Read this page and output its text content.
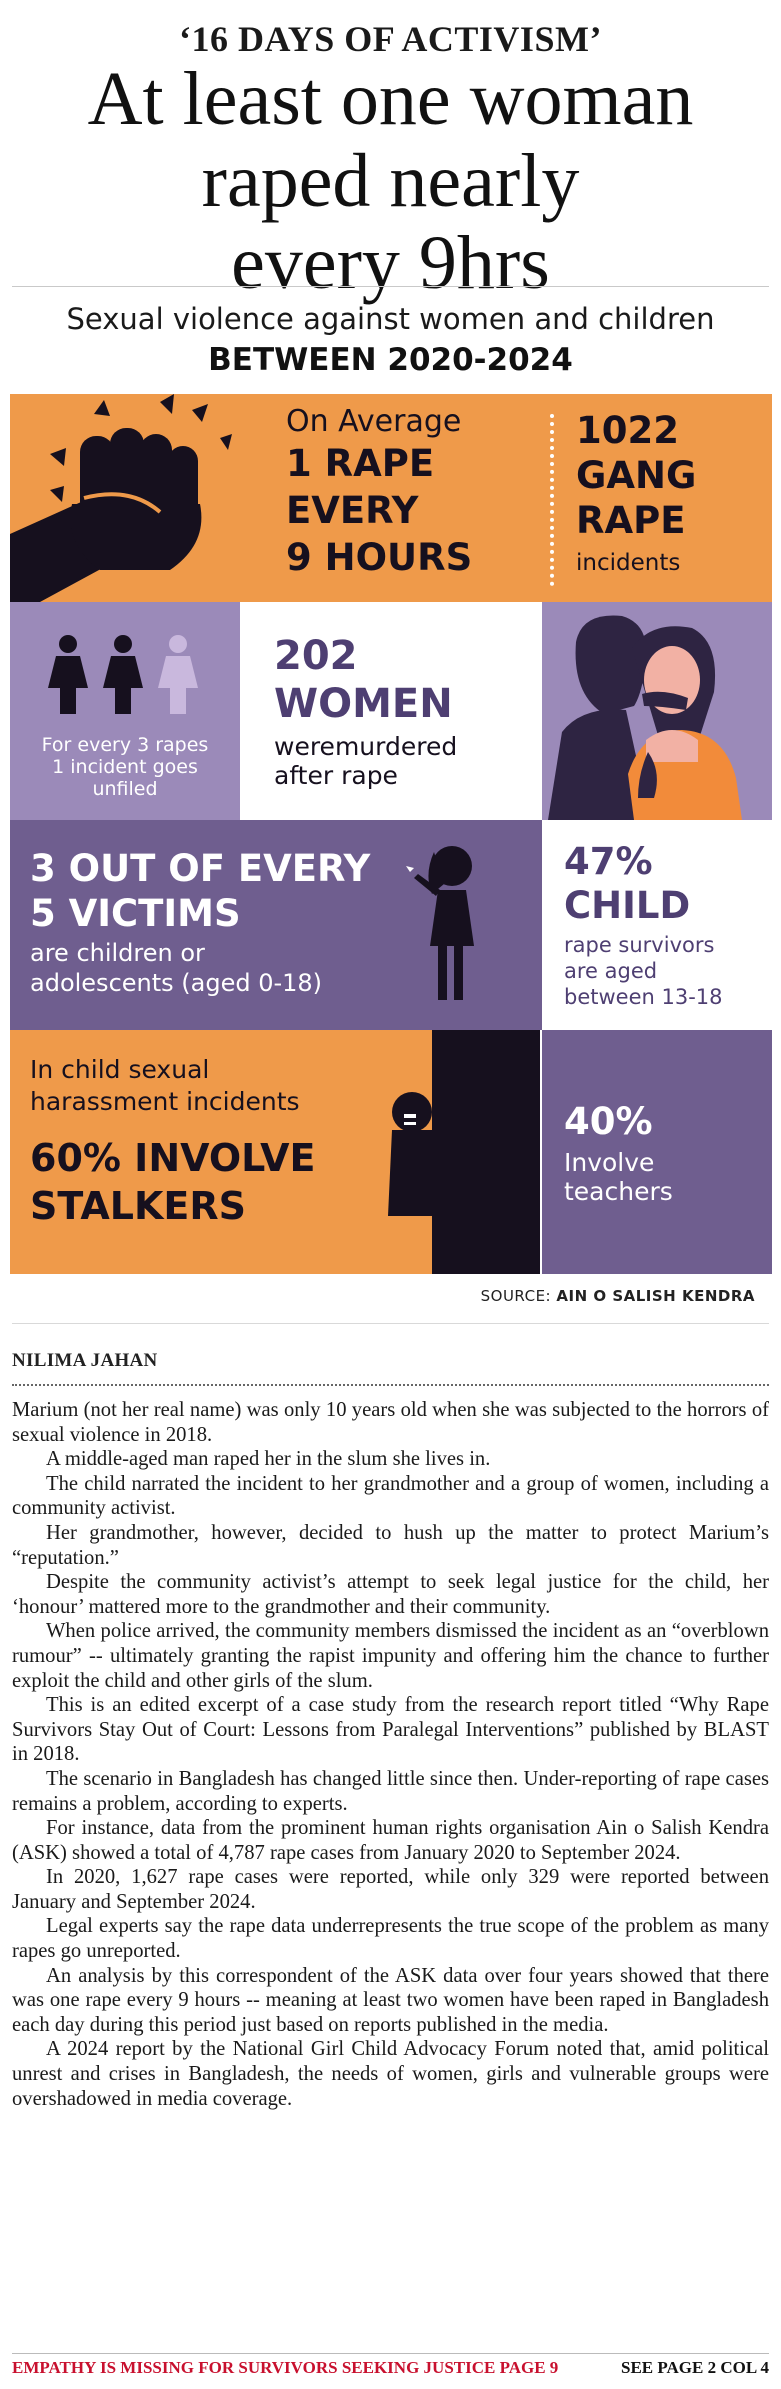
‘16 DAYS OF ACTIVISM’
At least one woman
raped nearly
every 9hrs
Sexual violence against women and children
BETWEEN 2020-2024
On Average
1 RAPE
EVERY
9 HOURS
1022
GANG
RAPE
incidents
For every 3 rapes
1 incident goes
unfiled
202
WOMEN
weremurdered
after rape
3 OUT OF EVERY
5 VICTIMS
are children or
adolescents (aged 0-18)
47%
CHILD
rape survivors
are aged
between 13-18
In child sexual
harassment incidents
60% INVOLVE
STALKERS
40%
Involve
teachers
SOURCE: AIN O SALISH KENDRA
NILIMA JAHAN

Marium (not her real name) was only 10 years old when she was subjected to the horrors of sexual violence in 2018.

A middle-aged man raped her in the slum she lives in.

The child narrated the incident to her grandmother and a group of women, including a community activist.

Her grandmother, however, decided to hush up the matter to protect Marium’s “reputation.”

Despite the community activist’s attempt to seek legal justice for the child, her ‘honour’ mattered more to the grandmother and their community.

When police arrived, the community members dismissed the incident as an “overblown rumour” -- ultimately granting the rapist impunity and offering him the chance to further exploit the child and other girls of the slum.

This is an edited excerpt of a case study from the research report titled “Why Rape Survivors Stay Out of Court: Lessons from Paralegal Interventions” published by BLAST in 2018.

The scenario in Bangladesh has changed little since then. Under-reporting of rape cases remains a problem, according to experts.

For instance, data from the prominent human rights organisation Ain o Salish Kendra (ASK) showed a total of 4,787 rape cases from January 2020 to September 2024.

In 2020, 1,627 rape cases were reported, while only 329 were reported between January and September 2024.

Legal experts say the rape data underrepresents the true scope of the problem as many rapes go unreported.

An analysis by this correspondent of the ASK data over four years showed that there was one rape every 9 hours -- meaning at least two women have been raped in Bangladesh each day during this period just based on reports published in the media.

A 2024 report by the National Girl Child Advocacy Forum noted that, amid political unrest and crises in Bangladesh, the needs of women, girls and vulnerable groups were overshadowed in media coverage.

EMPATHY IS MISSING FOR SURVIVORS SEEKING JUSTICE PAGE 9	SEE PAGE 2 COL 4
